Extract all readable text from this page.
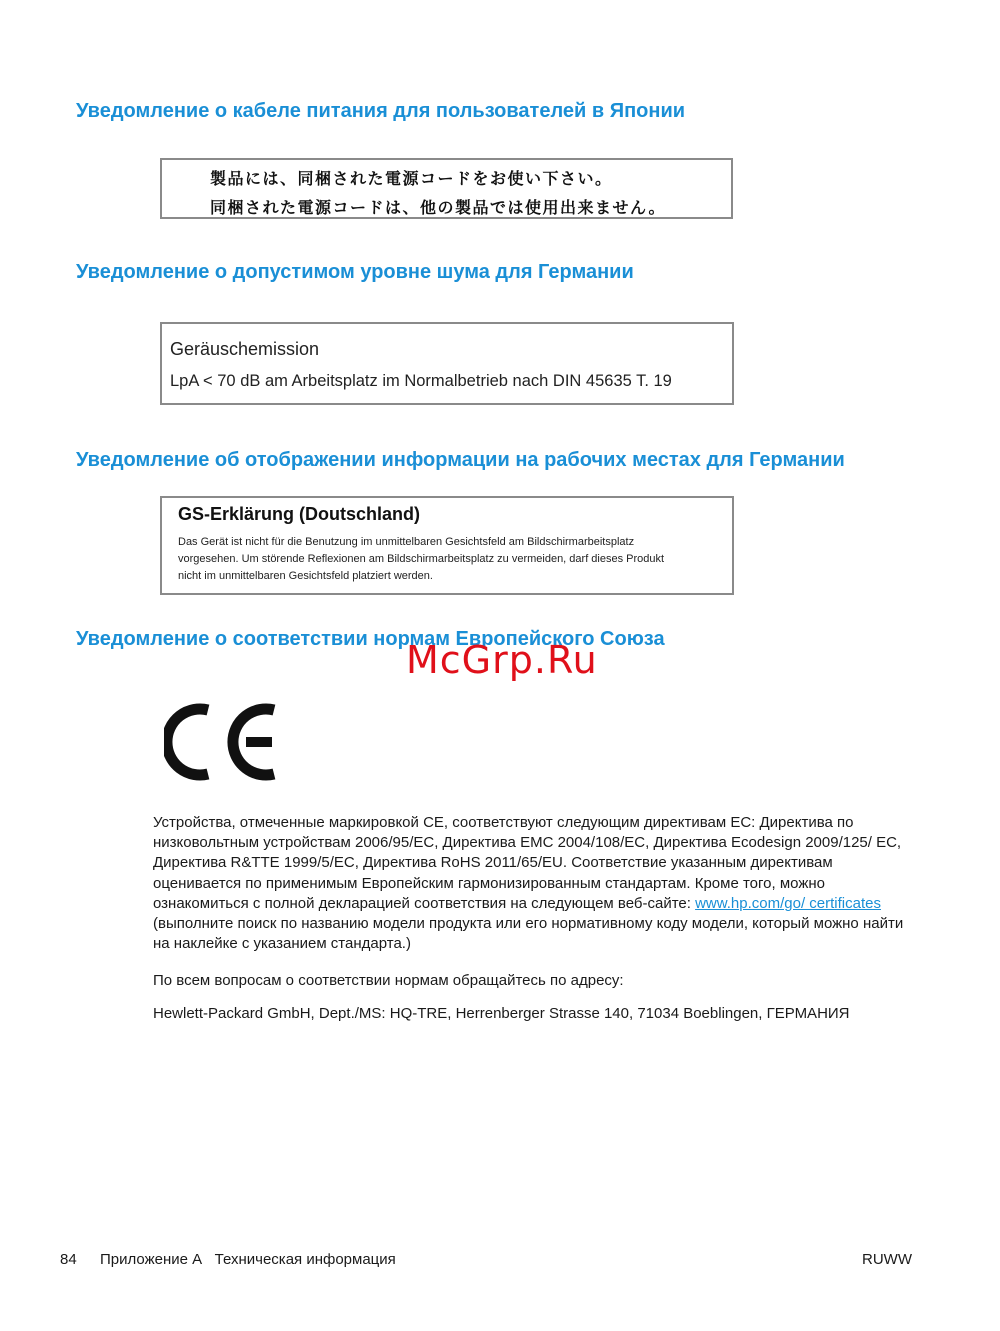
Уведомление о кабеле питания для пользователей в Японии
製品には、同梱された電源コードをお使い下さい。
同梱された電源コードは、他の製品では使用出来ません。
Уведомление о допустимом уровне шума для Германии
Geräuschemission
LpA < 70 dB am Arbeitsplatz im Normalbetrieb nach DIN 45635 T. 19
Уведомление об отображении информации на рабочих местах для Германии
GS-Erklärung (Doutschland)
Das Gerät ist nicht für die Benutzung im unmittelbaren Gesichtsfeld am Bildschirmarbeitsplatz
vorgesehen. Um störende Reflexionen am Bildschirmarbeitsplatz zu vermeiden, darf dieses Produkt
nicht im unmittelbaren Gesichtsfeld platziert werden.
Уведомление о соответствии нормам Европейского Союза
McGrp.Ru

Устройства, отмеченные маркировкой CE, соответствуют следующим директивам ЕС: Директива по низковольтным устройствам 2006/95/EC, Директива EMC 2004/108/EC, Директива Ecodesign 2009/125/ EC, Директива R&TTE 1999/5/EC, Директива RoHS 2011/65/EU. Соответствие указанным директивам оценивается по применимым Европейским гармонизированным стандартам. Кроме того, можно ознакомиться с полной декларацией соответствия на следующем веб-сайте: www.hp.com/go/ certificates (выполните поиск по названию модели продукта или его нормативному коду модели, который можно найти на наклейке с указанием стандарта.)

По всем вопросам о соответствии нормам обращайтесь по адресу:

Hewlett-Packard GmbH, Dept./MS: HQ-TRE, Herrenberger Strasse 140, 71034 Boeblingen, ГЕРМАНИЯ

84 Приложение А   Техническая информация	RUWW
